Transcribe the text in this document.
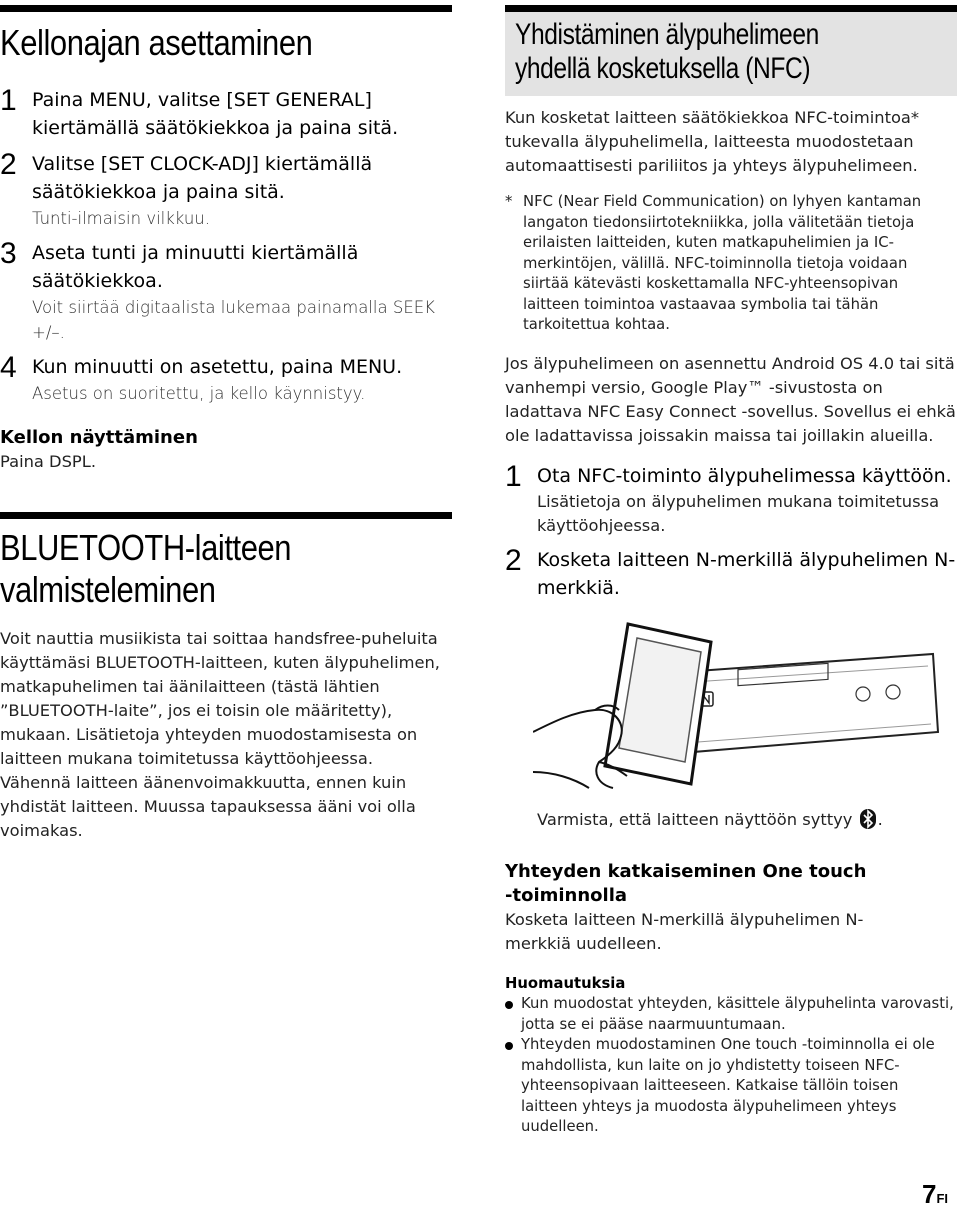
Kellonajan asettaminen
1 Paina MENU, valitse [SET GENERAL] kiertämällä säätökiekkoa ja paina sitä.
2 Valitse [SET CLOCK-ADJ] kiertämällä säätökiekkoa ja paina sitä.
Tunti-ilmaisin vilkkuu.
3 Aseta tunti ja minuutti kiertämällä säätökiekkoa.
Voit siirtää digitaalista lukemaa painamalla SEEK +/–.
4 Kun minuutti on asetettu, paina MENU.
Asetus on suoritettu, ja kello käynnistyy.
Kellon näyttäminen
Paina DSPL.
BLUETOOTH-laitteen
valmisteleminen
Voit nauttia musiikista tai soittaa handsfree-puheluita käyttämäsi BLUETOOTH-laitteen, kuten älypuhelimen, matkapuhelimen tai äänilaitteen (tästä lähtien ”BLUETOOTH-laite”, jos ei toisin ole määritetty), mukaan. Lisätietoja yhteyden muodostamisesta on laitteen mukana toimitetussa käyttöohjeessa.
Vähennä laitteen äänenvoimakkuutta, ennen kuin yhdistät laitteen. Muussa tapauksessa ääni voi olla voimakas.
Yhdistäminen älypuhelimeen
yhdellä kosketuksella (NFC)
Kun kosketat laitteen säätökiekkoa NFC-toimintoa* tukevalla älypuhelimella, laitteesta muodostetaan automaattisesti pariliitos ja yhteys älypuhelimeen.
* NFC (Near Field Communication) on lyhyen kantaman langaton tiedonsiirtotekniikka, jolla välitetään tietoja erilaisten laitteiden, kuten matkapuhelimien ja IC-merkintöjen, välillä. NFC-toiminnolla tietoja voidaan siirtää kätevästi koskettamalla NFC-yhteensopivan laitteen toimintoa vastaavaa symbolia tai tähän tarkoitettua kohtaa.
Jos älypuhelimeen on asennettu Android OS 4.0 tai sitä vanhempi versio, Google Play™ -sivustosta on ladattava NFC Easy Connect -sovellus. Sovellus ei ehkä ole ladattavissa joissakin maissa tai joillakin alueilla.
1 Ota NFC-toiminto älypuhelimessa käyttöön.
Lisätietoja on älypuhelimen mukana toimitetussa käyttöohjeessa.
2 Kosketa laitteen N-merkillä älypuhelimen N-merkkiä.
Varmista, että laitteen näyttöön syttyy .
Yhteyden katkaiseminen One touch -toiminnolla
Kosketa laitteen N-merkillä älypuhelimen N-merkkiä uudelleen.
Huomautuksia
Kun muodostat yhteyden, käsittele älypuhelinta varovasti, jotta se ei pääse naarmuuntumaan.
Yhteyden muodostaminen One touch -toiminnolla ei ole mahdollista, kun laite on jo yhdistetty toiseen NFC-yhteensopivaan laitteeseen. Katkaise tällöin toisen laitteen yhteys ja muodosta älypuhelimeen yhteys uudelleen.
7FI
